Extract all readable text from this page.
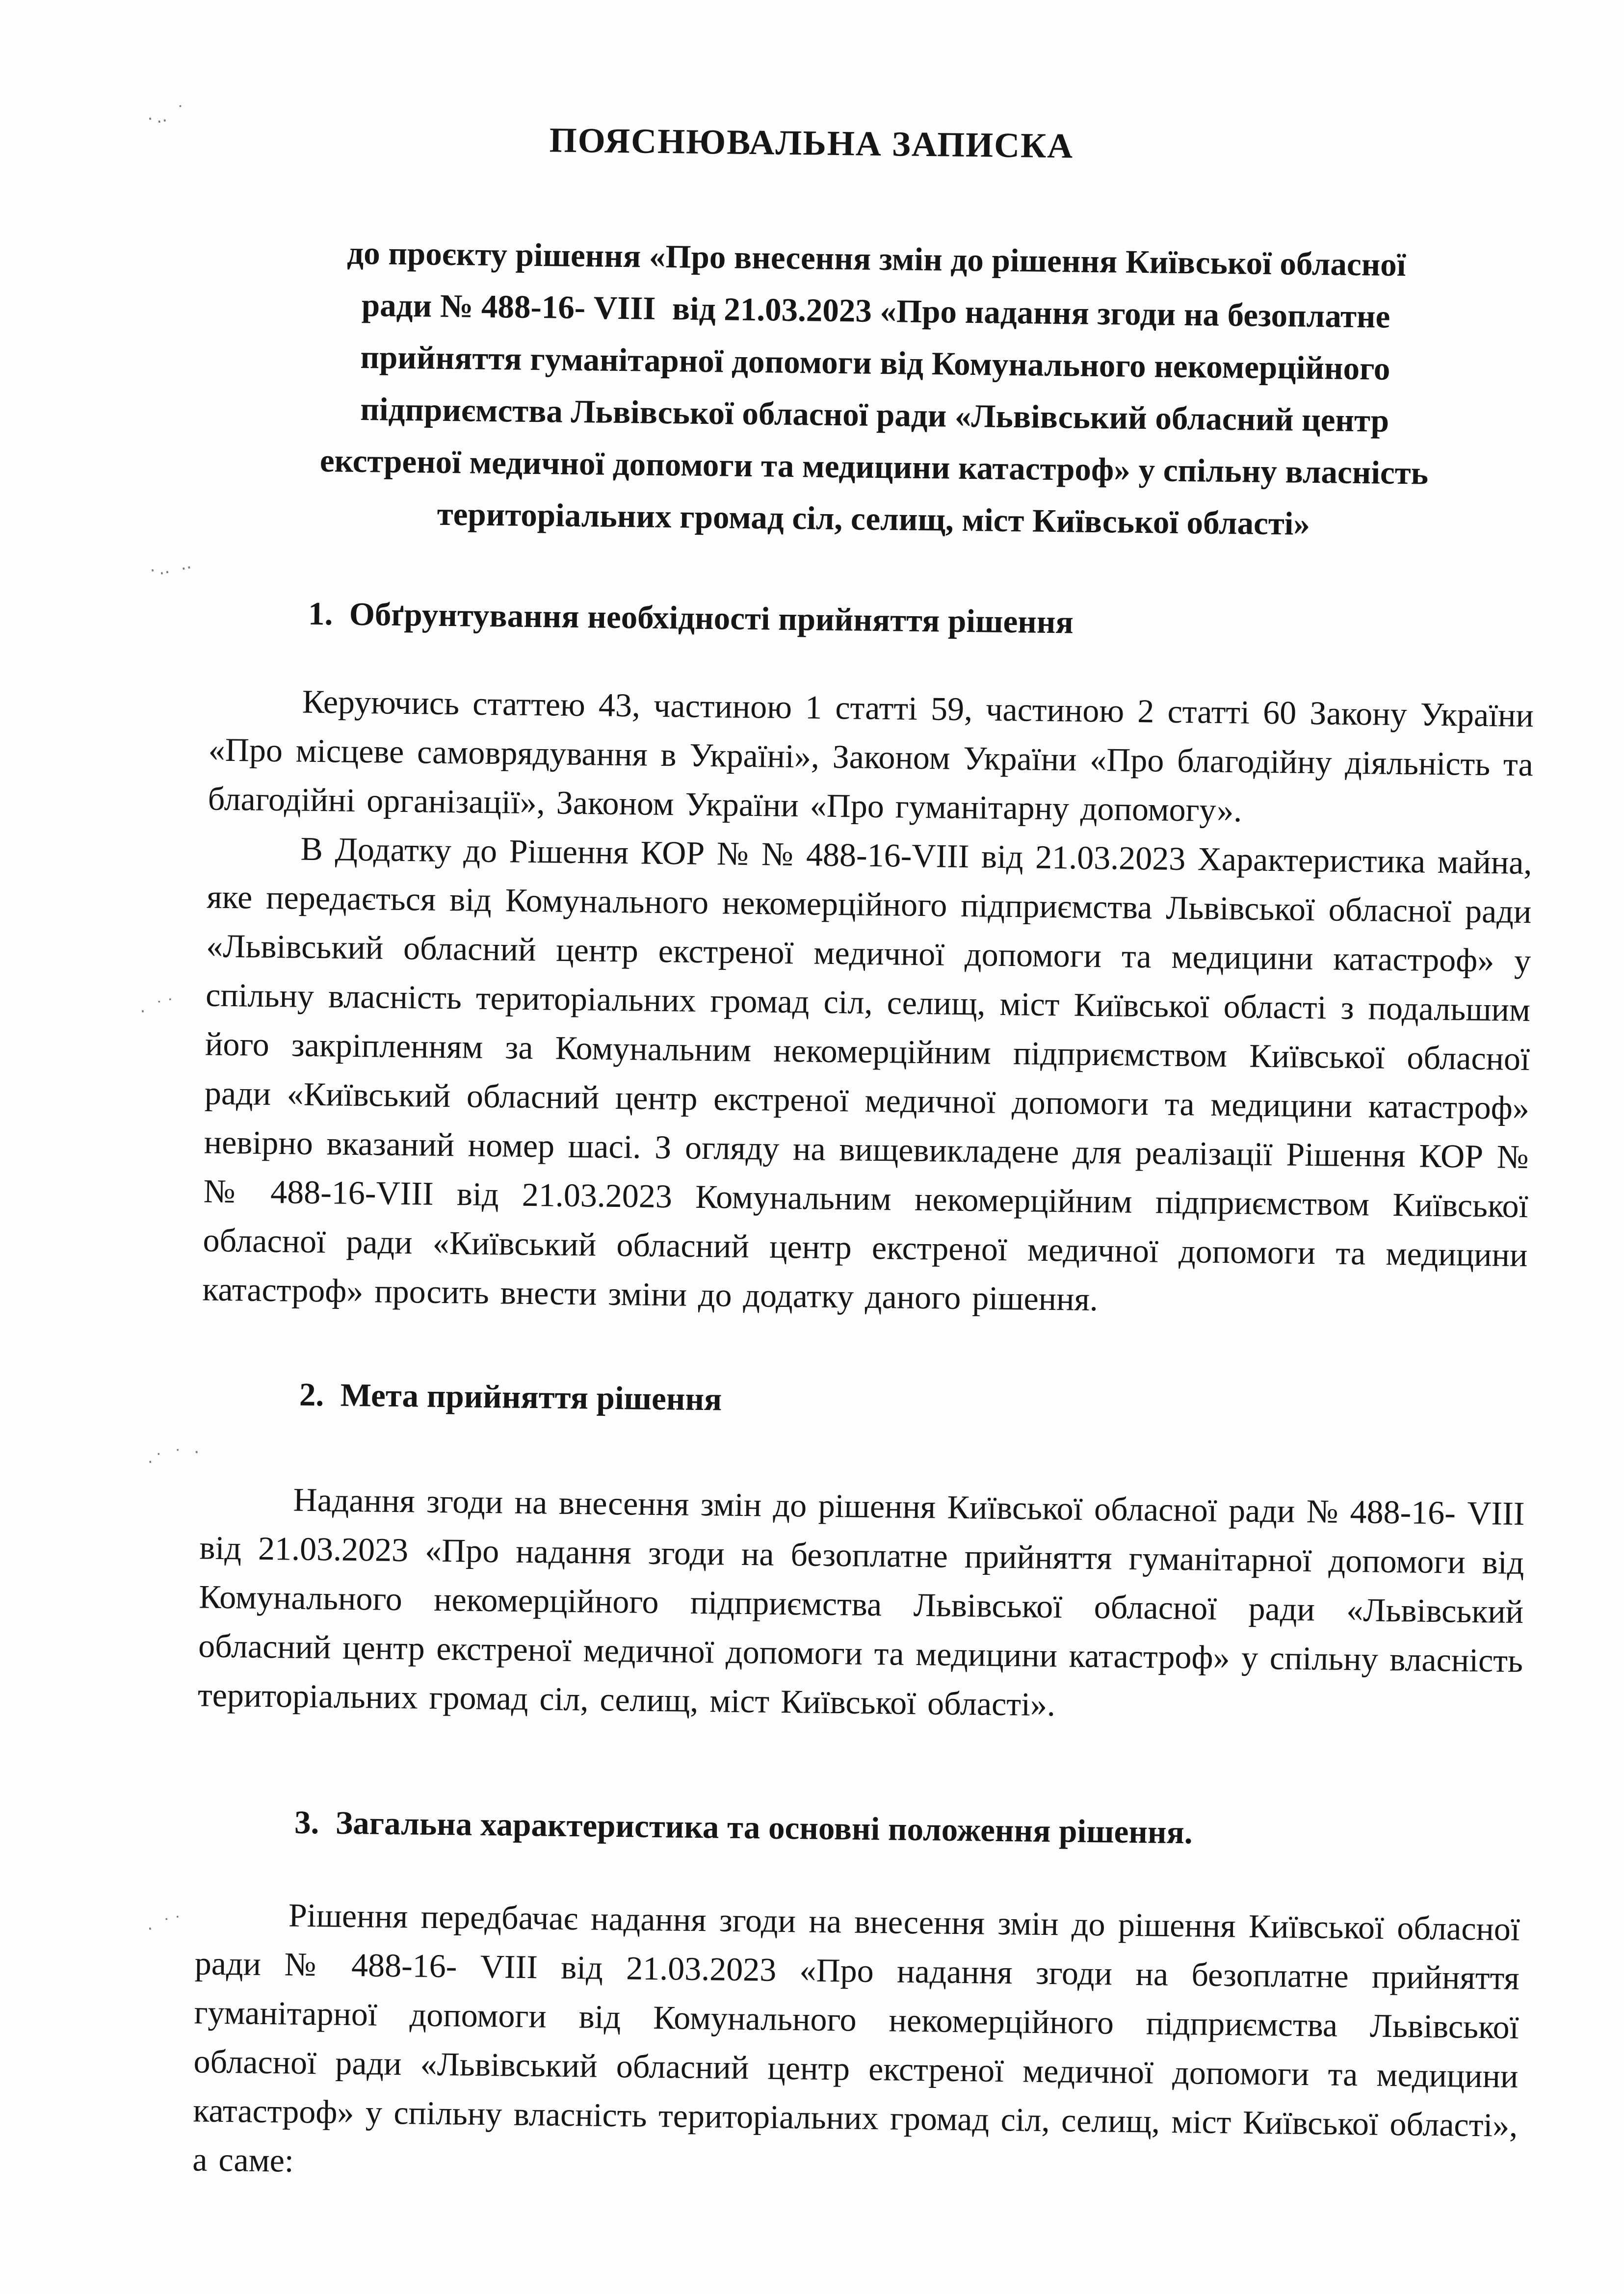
·‥ ˙
·‥ ‥
· ˙˙
·˙ ˙ ·
· ˙˙
ПОЯСНЮВАЛЬНА ЗАПИСКА
до проєкту рішення «Про внесення змін до рішення Київської обласної
ради № 488-16- VIII  від 21.03.2023 «Про надання згоди на безоплатне
прийняття гуманітарної допомоги від Комунального некомерційного
підприємства Львівської обласної ради «Львівський обласний центр
екстреної медичної допомоги та медицини катастроф» у спільну власність
територіальних громад сіл, селищ, міст Київської області»
1.  Обґрунтування необхідності прийняття рішення

Керуючись статтею 43, частиною 1 статті 59, частиною 2 статті 60 Закону України «Про місцеве самоврядування в Україні», Законом України «Про благодійну діяльність та благодійні організації», Законом України «Про гуманітарну допомогу».

В Додатку до Рішення КОР № № 488-16-VIII від 21.03.2023 Характеристика майна, яке передається від Комунального некомерційного підприємства Львівської обласної ради «Львівський обласний центр екстреної медичної допомоги та медицини катастроф» у спільну власність територіальних громад сіл, селищ, міст Київської області з подальшим його закріпленням за Комунальним некомерційним підприємством Київської обласної ради «Київський обласний центр екстреної медичної допомоги та медицини катастроф» невірно вказаний номер шасі. З огляду на вищевикладене для реалізації Рішення КОР № № 488-16-VIII від 21.03.2023 Комунальним некомерційним підприємством Київської обласної ради «Київський обласний центр екстреної медичної допомоги та медицини катастроф» просить внести зміни до додатку даного рішення.

2.  Мета прийняття рішення

Надання згоди на внесення змін до рішення Київської обласної ради № 488-16- VIII від 21.03.2023 «Про надання згоди на безоплатне прийняття гуманітарної допомоги від Комунального некомерційного підприємства Львівської обласної ради «Львівський обласний центр екстреної медичної допомоги та медицини катастроф» у спільну власність територіальних громад сіл, селищ, міст Київської області».

3.  Загальна характеристика та основні положення рішення.

Рішення передбачає надання згоди на внесення змін до рішення Київської обласної ради № 488-16- VIII від 21.03.2023 «Про надання згоди на безоплатне прийняття гуманітарної допомоги від Комунального некомерційного підприємства Львівської обласної ради «Львівський обласний центр екстреної медичної допомоги та медицини катастроф» у спільну власність територіальних громад сіл, селищ, міст Київської області», а саме:
